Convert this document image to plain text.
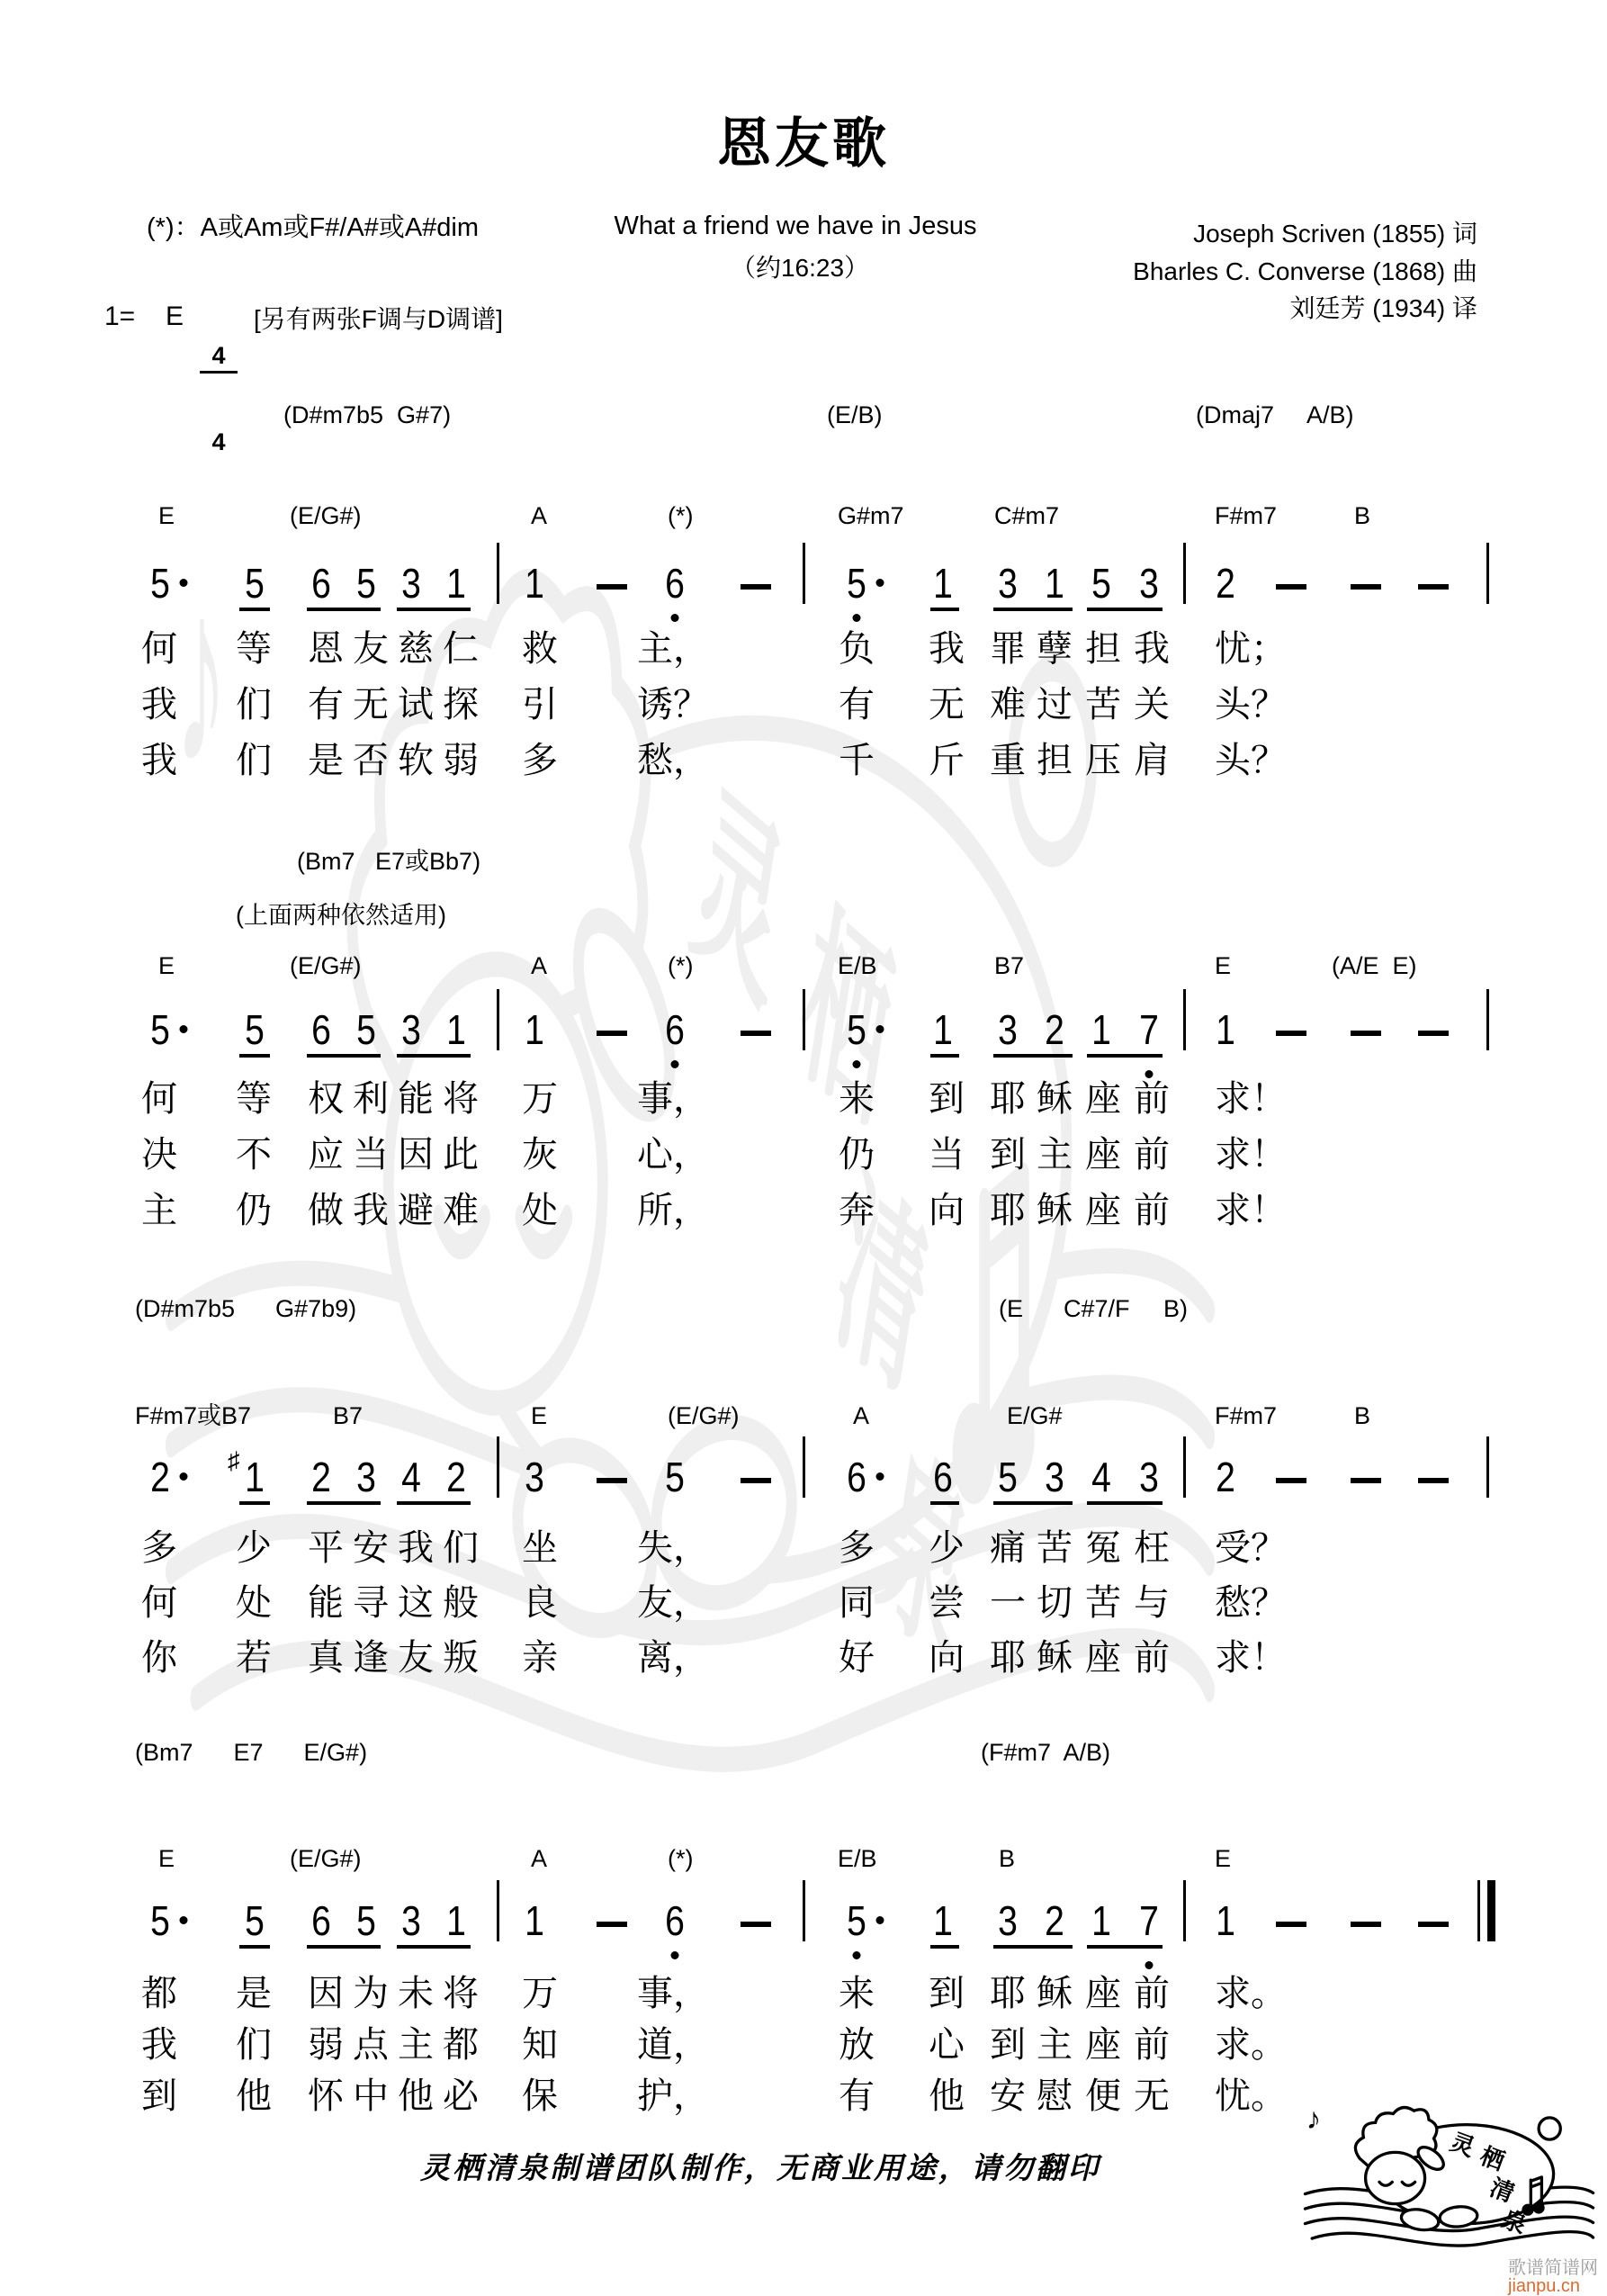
恩友歌
What a friend we have in Jesus
（约16:23）
(*)：A或Am或F#/A#或A#dim
1= E

$\frac{4}{4}$ [另有两张F调与D调谱]
Joseph Scriven (1855) 词
Bharles C. Converse (1868) 曲
刘廷芳 (1934) 译
(D#m7b5  G#7)	(E/B)	(Dmaj7     A/B)
E	(E/G#)	A	(*)	G#m7	C#m7	F#m7	B
5 5 6 5 3 1 1	6	5 1 3 1 5 3 2
何 等 恩 友 慈 仁 救 主，	负 我 罪 孽 担 我 忧；
我 们 有 无 试 探 引 诱？	有 无 难 过 苦 关 头？
我 们 是 否 软 弱 多 愁，	千 斤 重 担 压 肩 头？
(Bm7   E7或Bb7)
(上面两种依然适用)
E	(E/G#)	A	(*)	E/B	B7	E	(A/E  E)
5 5 6 5 3 1 1	6	5 1 3 2 1 7 1
何 等 权 利 能 将 万 事，	来 到 耶 稣 座 前 求！
决 不 应 当 因 此 灰 心，	仍 当 到 主 座 前 求！
主 仍 做 我 避 难 处 所，	奔 向 耶 稣 座 前 求！
(D#m7b5      G#7b9)	(E      C#7/F     B)
F#m7或B7	B7	E	(E/G#)	A	E/G#	F#m7	B
2 1
♯ 2 3 4 2 3	5	6 6 5 3 4 3 2
多 少 平 安 我 们 坐 失，	多 少 痛 苦 冤 枉 受？
何 处 能 寻 这 般 良 友，	同 尝 一 切 苦 与 愁？
你 若 真 逢 友 叛 亲 离，	好 向 耶 稣 座 前 求！
(Bm7      E7      E/G#)	(F#m7  A/B)
E	(E/G#)	A	(*)	E/B	B	E
5 5 6 5 3 1 1	6	5 1 3 2 1 7 1
都 是 因 为 未 将 万 事，	来 到 耶 稣 座 前 求。
我 们 弱 点 主 都 知 道，	放 心 到 主 座 前 求。
到 他 怀 中 他 必 保 护，	有 他 安 慰 便 无 忧。
灵栖清泉制谱团队制作，无商业用途，请勿翻印

歌谱简谱网
jianpu.cn
